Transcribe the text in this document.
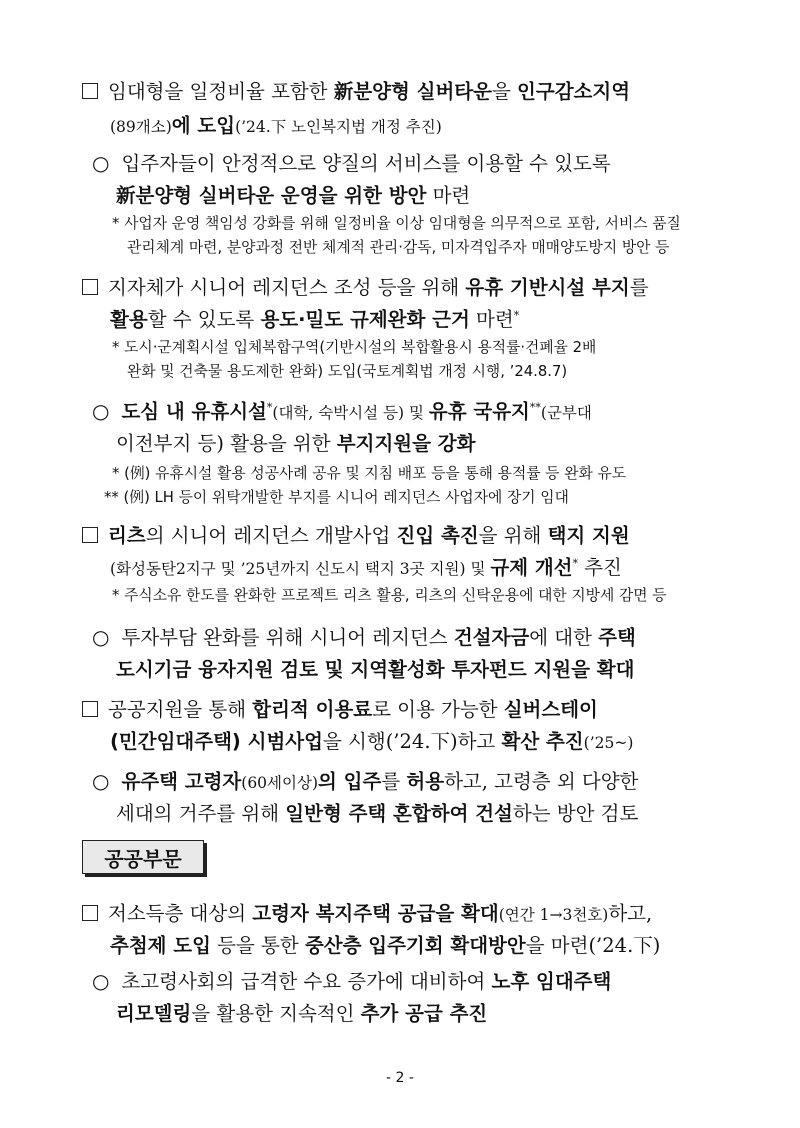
임대형을 일정비율 포함한 新분양형 실버타운을 인구감소지역
(89개소)에 도입(’24.下 노인복지법 개정 추진)
○ 입주자들이 안정적으로 양질의 서비스를 이용할 수 있도록
新분양형 실버타운 운영을 위한 방안 마련
* 사업자 운영 책임성 강화를 위해 일정비율 이상 임대형을 의무적으로 포함, 서비스 품질
관리체계 마련, 분양과정 전반 체계적 관리·감독, 미자격입주자 매매양도방지 방안 등
지자체가 시니어 레지던스 조성 등을 위해 유휴 기반시설 부지를
활용할 수 있도록 용도·밀도 규제완화 근거 마련*
* 도시·군계획시설 입체복합구역(기반시설의 복합활용시 용적률·건폐율 2배
완화 및 건축물 용도제한 완화) 도입(국토계획법 개정 시행, ’24.8.7)
○ 도심 내 유휴시설*(대학, 숙박시설 등) 및 유휴 국유지**(군부대
이전부지 등) 활용을 위한 부지지원을 강화
* (例) 유휴시설 활용 성공사례 공유 및 지침 배포 등을 통해 용적률 등 완화 유도
** (例) LH 등이 위탁개발한 부지를 시니어 레지던스 사업자에 장기 임대
리츠의 시니어 레지던스 개발사업 진입 촉진을 위해 택지 지원
(화성동탄2지구 및 ’25년까지 신도시 택지 3곳 지원) 및 규제 개선* 추진
* 주식소유 한도를 완화한 프로젝트 리츠 활용, 리츠의 신탁운용에 대한 지방세 감면 등
○ 투자부담 완화를 위해 시니어 레지던스 건설자금에 대한 주택
도시기금 융자지원 검토 및 지역활성화 투자펀드 지원을 확대
공공지원을 통해 합리적 이용료로 이용 가능한 실버스테이
(민간임대주택) 시범사업을 시행(’24.下)하고 확산 추진(’25~)
○ 유주택 고령자(60세이상)의 입주를 허용하고, 고령층 외 다양한
세대의 거주를 위해 일반형 주택 혼합하여 건설하는 방안 검토
공공부문
저소득층 대상의 고령자 복지주택 공급을 확대(연간 1→3천호)하고,
추첨제 도입 등을 통한 중산층 입주기회 확대방안을 마련(’24.下)
○ 초고령사회의 급격한 수요 증가에 대비하여 노후 임대주택
리모델링을 활용한 지속적인 추가 공급 추진
- 2 -
